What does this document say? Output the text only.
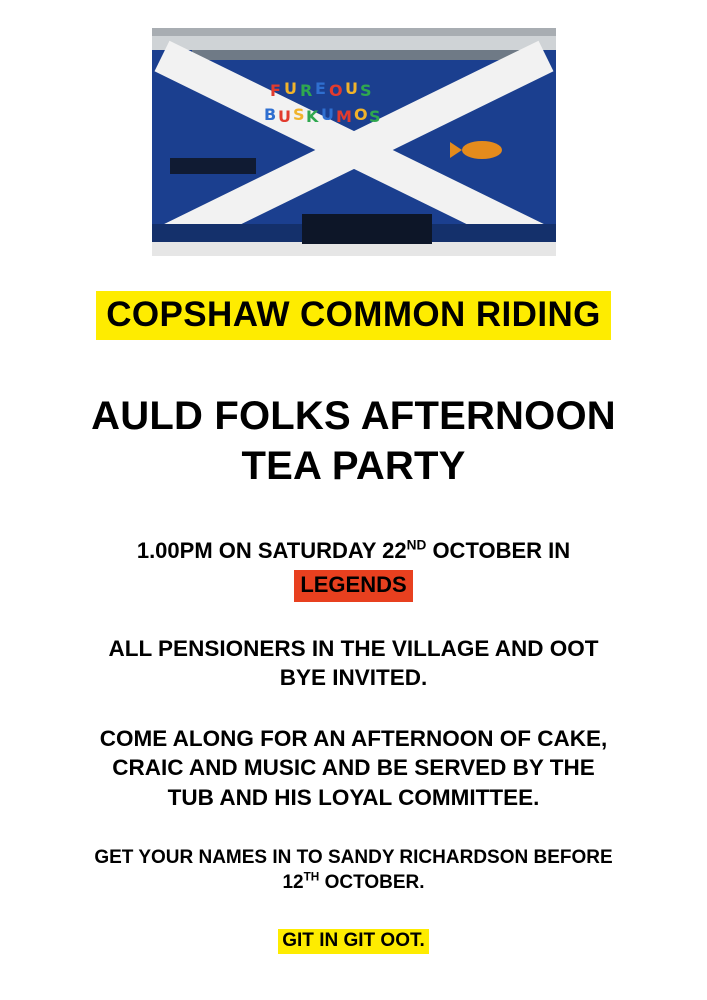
F U R E O U S
B U S K U M O S
COPSHAW COMMON RIDING
AULD FOLKS AFTERNOON
TEA PARTY
1.00PM ON SATURDAY 22ND OCTOBER IN
LEGENDS
ALL PENSIONERS IN THE VILLAGE AND OOT
BYE INVITED.
COME ALONG FOR AN AFTERNOON OF CAKE,
CRAIC AND MUSIC AND BE SERVED BY THE
TUB AND HIS LOYAL COMMITTEE.
GET YOUR NAMES IN TO SANDY RICHARDSON BEFORE
12TH OCTOBER.
GIT IN GIT OOT.
